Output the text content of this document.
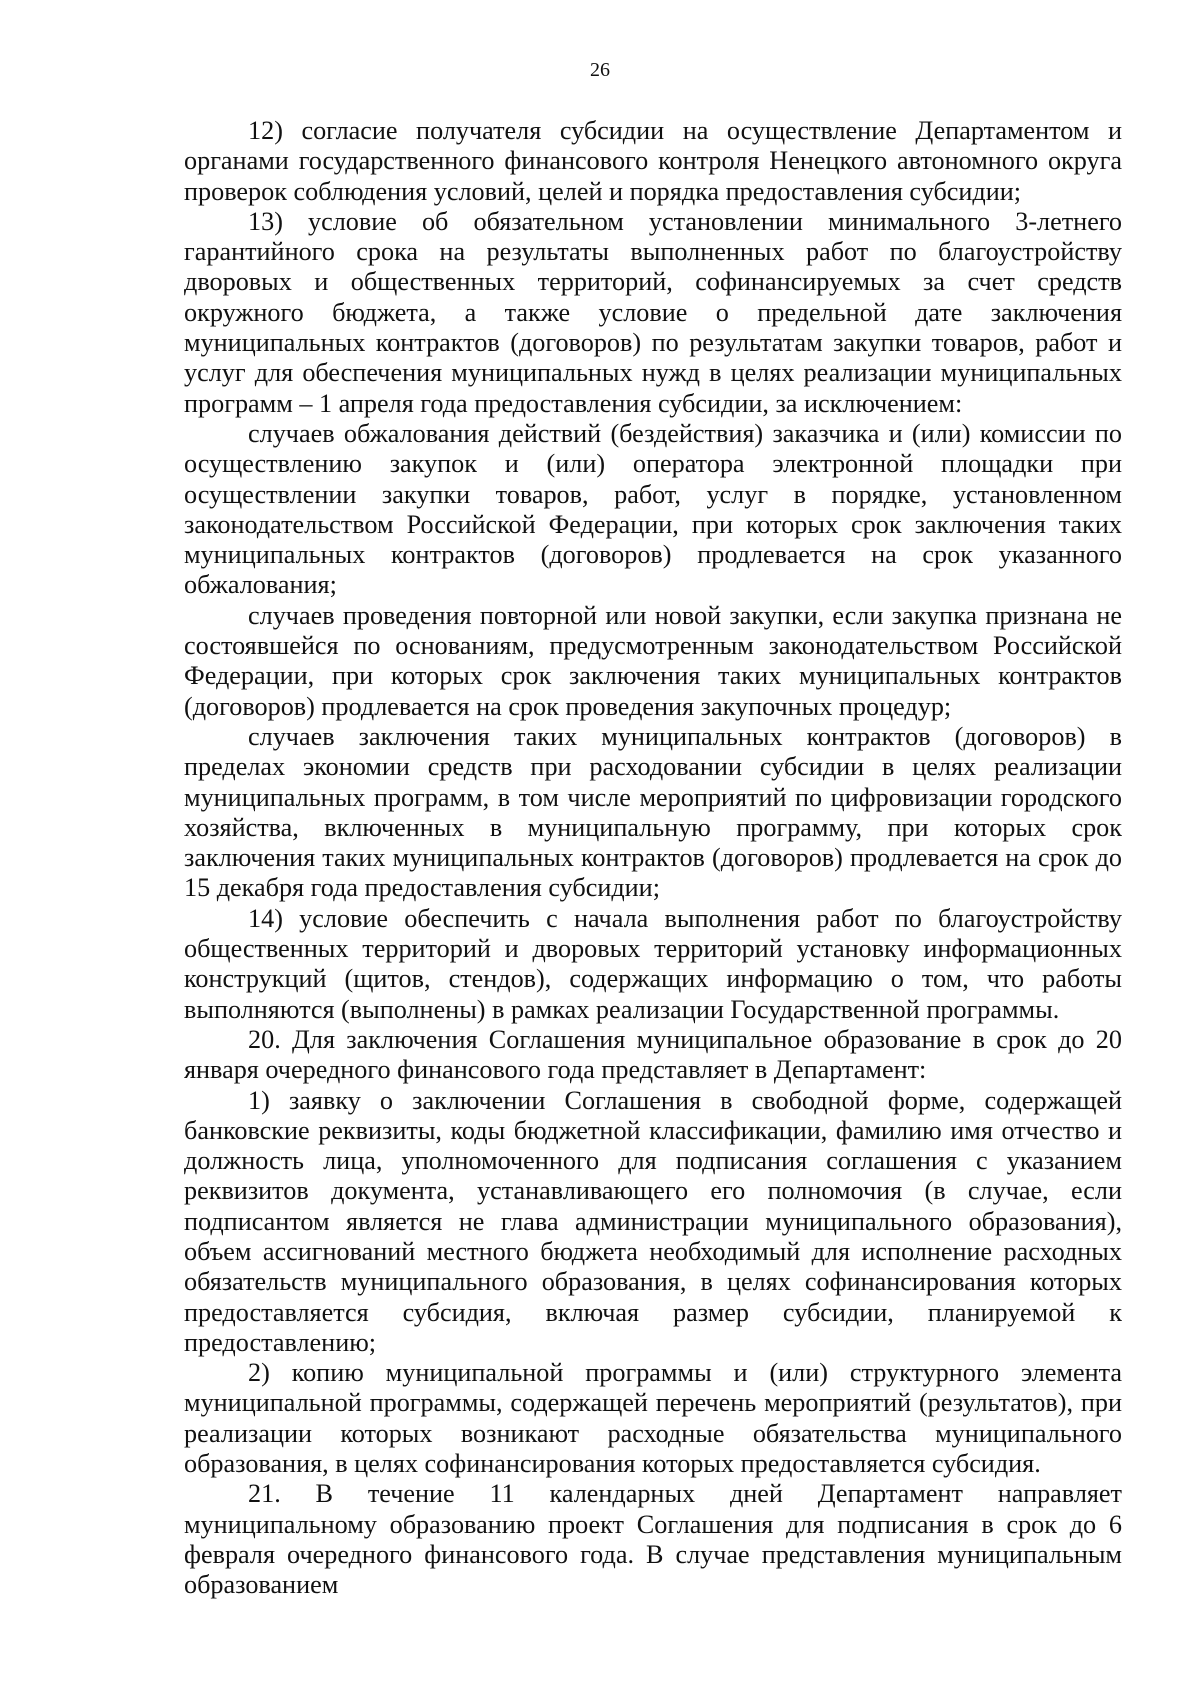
26

12) согласие получателя субсидии на осуществление Департаментом и органами государственного финансового контроля Ненецкого автономного округа проверок соблюдения условий, целей и порядка предоставления субсидии;

13) условие об обязательном установлении минимального 3-летнего гарантийного срока на результаты выполненных работ по благоустройству дворовых и общественных территорий, софинансируемых за счет средств окружного бюджета, а также условие о предельной дате заключения муниципальных контрактов (договоров) по результатам закупки товаров, работ и услуг для обеспечения муниципальных нужд в целях реализации муниципальных программ – 1 апреля года предоставления субсидии, за исключением:

случаев обжалования действий (бездействия) заказчика и (или) комиссии по осуществлению закупок и (или) оператора электронной площадки при осуществлении закупки товаров, работ, услуг в порядке, установленном законодательством Российской Федерации, при которых срок заключения таких муниципальных контрактов (договоров) продлевается на срок указанного обжалования;

случаев проведения повторной или новой закупки, если закупка признана не состоявшейся по основаниям, предусмотренным законодательством Российской Федерации, при которых срок заключения таких муниципальных контрактов (договоров) продлевается на срок проведения закупочных процедур;

случаев заключения таких муниципальных контрактов (договоров) в пределах экономии средств при расходовании субсидии в целях реализации муниципальных программ, в том числе мероприятий по цифровизации городского хозяйства, включенных в муниципальную программу, при которых срок заключения таких муниципальных контрактов (договоров) продлевается на срок до 15 декабря года предоставления субсидии;

14) условие обеспечить с начала выполнения работ по благоустройству общественных территорий и дворовых территорий установку информационных конструкций (щитов, стендов), содержащих информацию о том, что работы выполняются (выполнены) в рамках реализации Государственной программы.

20. Для заключения Соглашения муниципальное образование в срок до 20 января очередного финансового года представляет в Департамент:

1) заявку о заключении Соглашения в свободной форме, содержащей банковские реквизиты, коды бюджетной классификации, фамилию имя отчество и должность лица, уполномоченного для подписания соглашения с указанием реквизитов документа, устанавливающего его полномочия (в случае, если подписантом является не глава администрации муниципального образования), объем ассигнований местного бюджета необходимый для исполнение расходных обязательств муниципального образования, в целях софинансирования которых предоставляется субсидия, включая размер субсидии, планируемой к предоставлению;

2) копию муниципальной программы и (или) структурного элемента муниципальной программы, содержащей перечень мероприятий (результатов), при реализации которых возникают расходные обязательства муниципального образования, в целях софинансирования которых предоставляется субсидия.

21. В течение 11 календарных дней Департамент направляет муниципальному образованию проект Соглашения для подписания в срок до 6 февраля очередного финансового года. В случае представления муниципальным образованием
